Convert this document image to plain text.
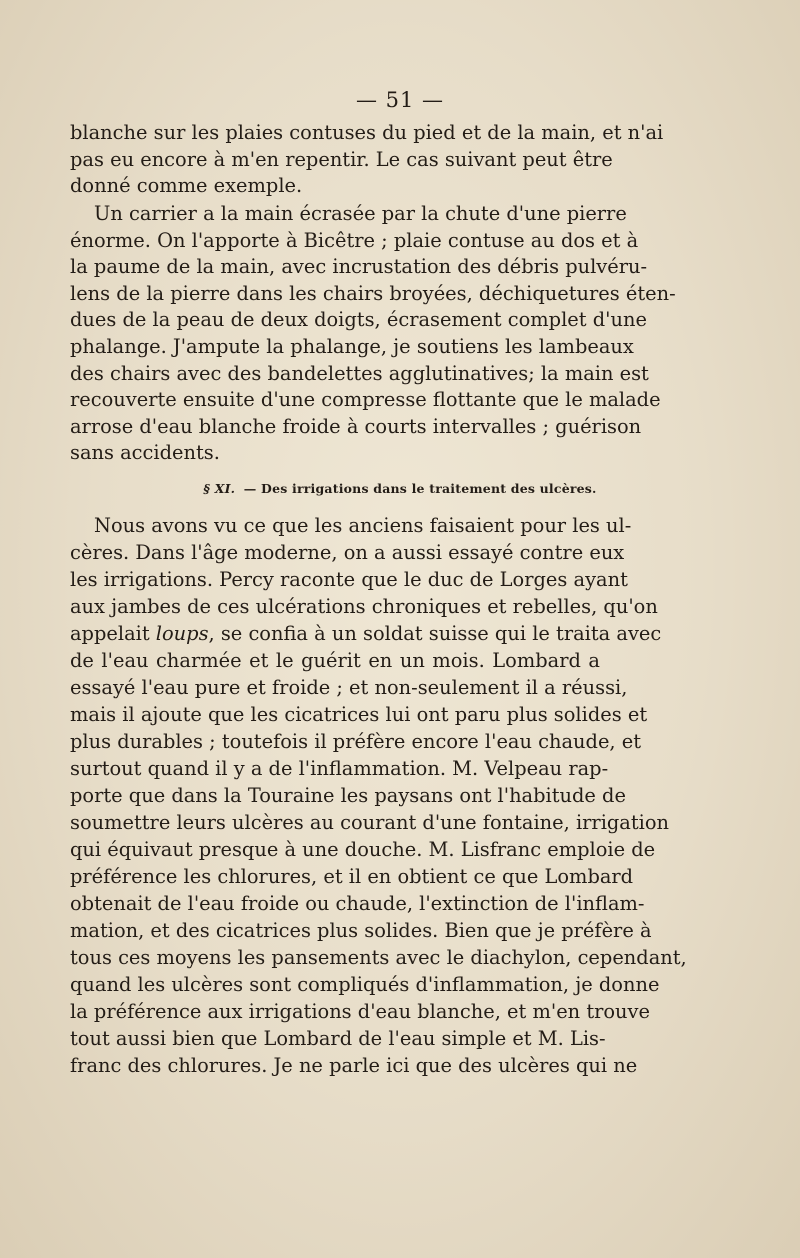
— 51 —
blanche sur les plaies contuses du pied et de la main, et n'ai
pas eu encore à m'en repentir. Le cas suivant peut être
donné comme exemple.
Un carrier a la main écrasée par la chute d'une pierre
énorme. On l'apporte à Bicêtre ; plaie contuse au dos et à
la paume de la main, avec incrustation des débris pulvéru-
lens de la pierre dans les chairs broyées, déchiquetures éten-
dues de la peau de deux doigts, écrasement complet d'une
phalange. J'ampute la phalange, je soutiens les lambeaux
des chairs avec des bandelettes agglutinatives; la main est
recouverte ensuite d'une compresse flottante que le malade
arrose d'eau blanche froide à courts intervalles ; guérison
sans accidents.
§ XI. — Des irrigations dans le traitement des ulcères.
Nous avons vu ce que les anciens faisaient pour les ul-
cères. Dans l'âge moderne, on a aussi essayé contre eux
les irrigations. Percy raconte que le duc de Lorges ayant
aux jambes de ces ulcérations chroniques et rebelles, qu'on
appelait loups, se confia à un soldat suisse qui le traita avec
de l'eau charmée et le guérit en un mois. Lombard a
essayé l'eau pure et froide ; et non-seulement il a réussi,
mais il ajoute que les cicatrices lui ont paru plus solides et
plus durables ; toutefois il préfère encore l'eau chaude, et
surtout quand il y a de l'inflammation. M. Velpeau rap-
porte que dans la Touraine les paysans ont l'habitude de
soumettre leurs ulcères au courant d'une fontaine, irrigation
qui équivaut presque à une douche. M. Lisfranc emploie de
préférence les chlorures, et il en obtient ce que Lombard
obtenait de l'eau froide ou chaude, l'extinction de l'inflam-
mation, et des cicatrices plus solides. Bien que je préfère à
tous ces moyens les pansements avec le diachylon, cependant,
quand les ulcères sont compliqués d'inflammation, je donne
la préférence aux irrigations d'eau blanche, et m'en trouve
tout aussi bien que Lombard de l'eau simple et M. Lis-
franc des chlorures. Je ne parle ici que des ulcères qui ne
